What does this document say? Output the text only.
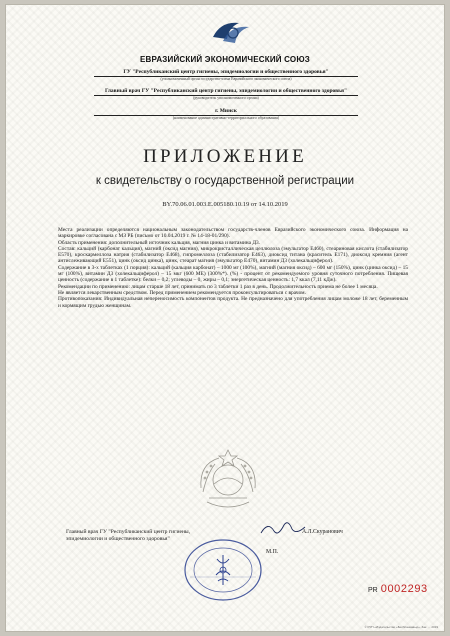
ЕВРАЗИЙСКИЙ ЭКОНОМИЧЕСКИЙ СОЮЗ
ГУ "Республиканский центр гигиены, эпидемиологии и общественного здоровья"
(уполномоченный орган государства-члена Евразийского экономического союза)
Главный врач ГУ "Республиканский центр гигиены, эпидемиологии и общественного здоровья"
(руководитель уполномоченного органа)
г. Минск
(наименование административно-территориального образования)
ПРИЛОЖЕНИЕ
к свидетельству о государственной регистрации
BY.70.06.01.003.E.005180.10.19 от 14.10.2019

Места реализации определяются национальным законодательством государств-членов Евразийского экономического союза. Информация на маркировке согласована с МЗ РБ (письмо от 10.04.2019 г. № 14-18-01/290).

Область применения: дополнительный источник кальция, магния цинка и витамина Д3.

Состав: кальций (карбонат кальция), магний (оксид магния), микрокристаллическая целлюлоза (эмульгатор E460), стеариновая кислота (стабилизатор E570), кроскармеллоза натрия (стабилизатор E468), гипромеллоза (стабилизатор E463), диоксид титана (краситель E171), диоксид кремния (агент антислеживающий E551), цинк (оксид цинка), цинк, стеарат магния (эмульгатор E470), витамин Д3 (холекальциферол).

Содержание в 3-х таблетках (1 порция): кальций (кальция карбонат) – 1000 мг (100%), магний (магния оксид) – 600 мг (150%), цинк (цинка оксид) – 15 мг (100%), витамин Д3 (холекальциферол) – 15 мкг (600 МЕ) (300%*). (%) - процент от рекомендуемого уровня суточного потребления. Пищевая ценность (содержание в 1 таблетке): белки – 0,2; углеводы – 0, жиры – 0,1; энергетическая ценность: 1,7 ккал (7,11 кДж).

Рекомендации по применению: лицам старше 18 лет, принимать по 3 таблетки 1 раз в день. Продолжительность приема не более 1 месяца.

Не является лекарственным средством. Перед применением рекомендуется проконсультироваться с врачом.

Противопоказания: Индивидуальная непереносимость компонентов продукта. Не предназначено для употребления лицам моложе 18 лет, беременным и кормящим грудью женщинам.

Главный врач ГУ "Республиканский центр гигиены,
эпидемиологии и общественного здоровья"
А.Л.Скуранович
М.П.
PR 0002293
© РУП «Издательство «Белбланкавыд». Зак. ... 2019
